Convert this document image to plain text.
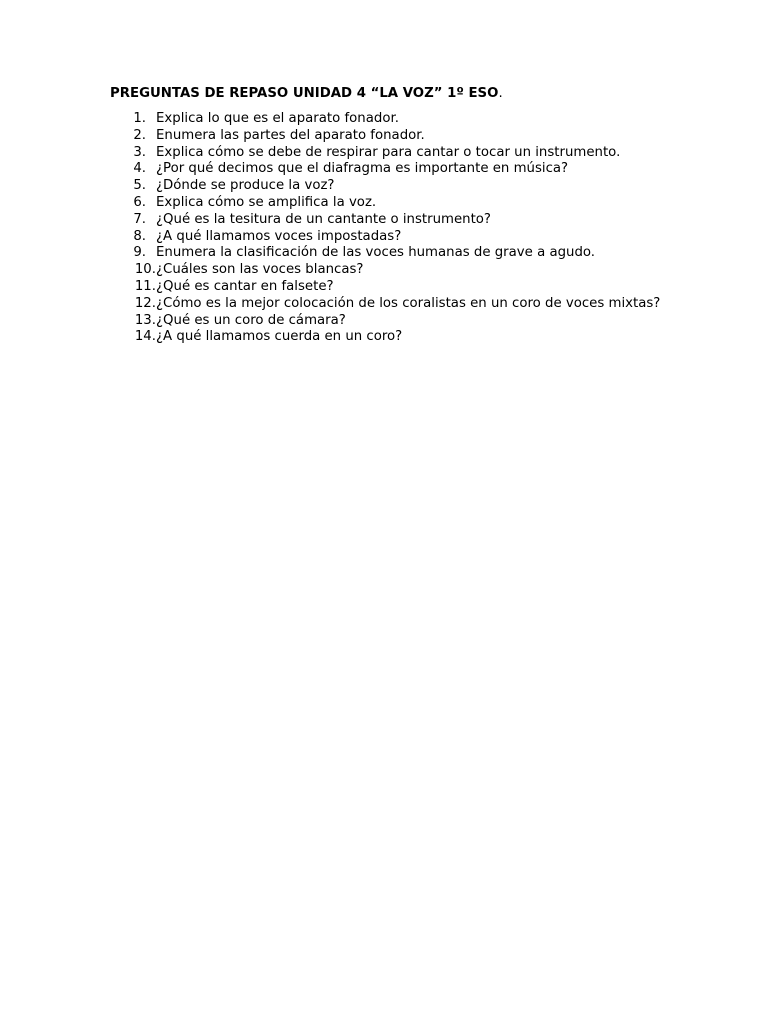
PREGUNTAS DE REPASO UNIDAD 4 “LA VOZ” 1º ESO.
1. Explica lo que es el aparato fonador.
2. Enumera las partes del aparato fonador.
3. Explica cómo se debe de respirar para cantar o tocar un instrumento.
4. ¿Por qué decimos que el diafragma es importante en música?
5. ¿Dónde se produce la voz?
6. Explica cómo se amplifica la voz.
7. ¿Qué es la tesitura de un cantante o instrumento?
8. ¿A qué llamamos voces impostadas?
9. Enumera la clasificación de las voces humanas de grave a agudo.
10. ¿Cuáles son las voces blancas?
11. ¿Qué es cantar en falsete?
12. ¿Cómo es la mejor colocación de los coralistas en un coro de voces mixtas?
13. ¿Qué es un coro de cámara?
14. ¿A qué llamamos cuerda en un coro?
